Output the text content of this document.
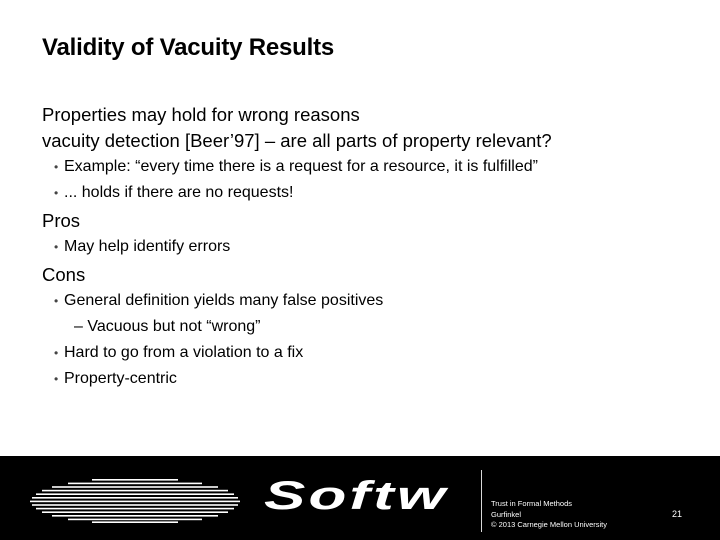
Validity of Vacuity Results

Properties may hold for wrong reasons

vacuity detection [Beer’97] – are all parts of property relevant?

• Example: “every time there is a request for a resource, it is fulfilled”

• ... holds if there are no requests!

Pros

• May help identify errors

Cons

• General definition yields many false positives

– Vacuous but not “wrong”

• Hard to go from a violation to a fix

• Property-centric

Softw	Trust in Formal Methods
Gurfinkel
© 2013 Carnegie Mellon University
21
